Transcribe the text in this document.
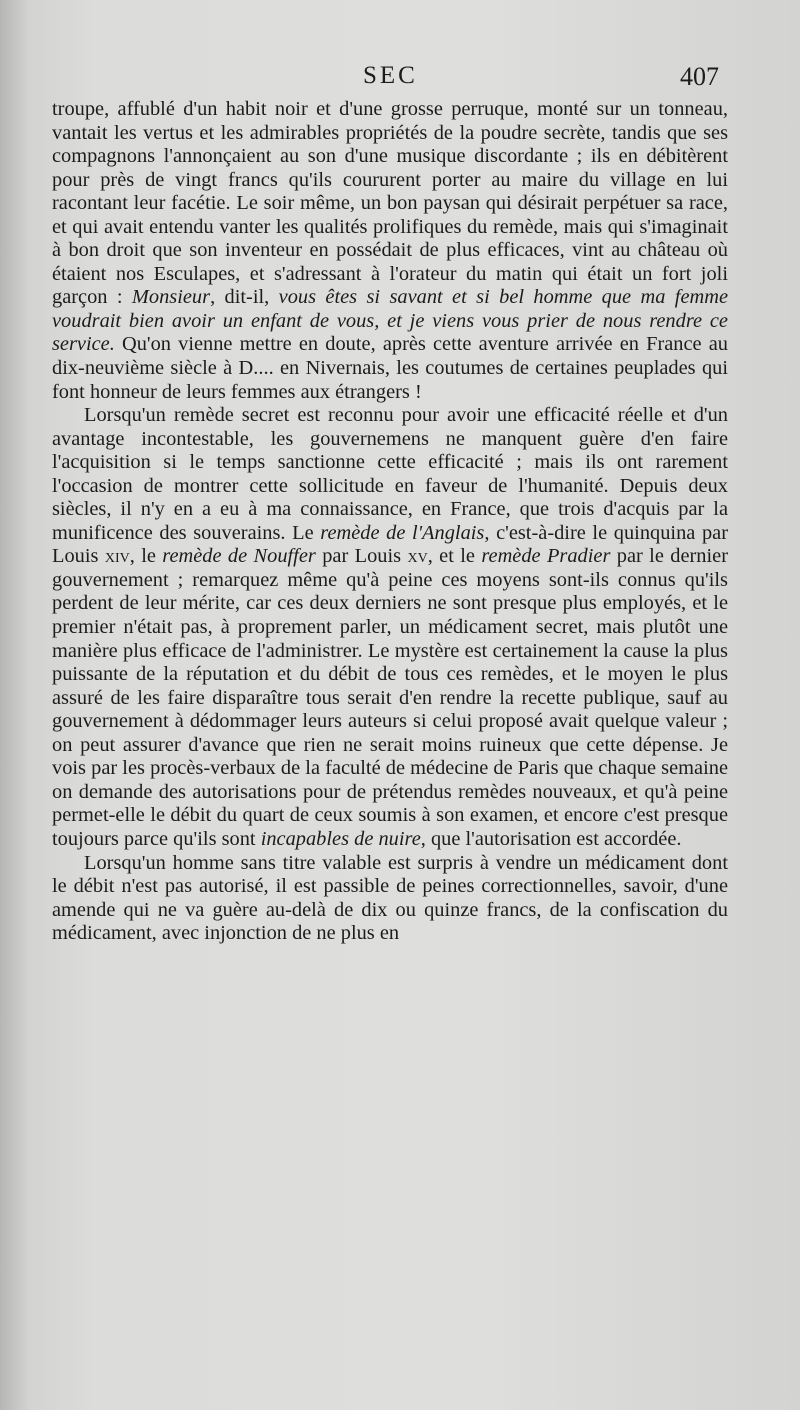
SEC	407

troupe, affublé d'un habit noir et d'une grosse perruque, monté sur un tonneau, vantait les vertus et les admirables propriétés de la poudre secrète, tandis que ses compagnons l'annonçaient au son d'une musique discordante ; ils en débitèrent pour près de vingt francs qu'ils coururent porter au maire du village en lui racontant leur facétie. Le soir même, un bon paysan qui désirait perpétuer sa race, et qui avait entendu vanter les qualités prolifiques du remède, mais qui s'imaginait à bon droit que son inventeur en possédait de plus efficaces, vint au château où étaient nos Esculapes, et s'adressant à l'orateur du matin qui était un fort joli garçon : Monsieur, dit-il, vous êtes si savant et si bel homme que ma femme voudrait bien avoir un enfant de vous, et je viens vous prier de nous rendre ce service. Qu'on vienne mettre en doute, après cette aventure arrivée en France au dix-neuvième siècle à D.... en Nivernais, les coutumes de certaines peuplades qui font honneur de leurs femmes aux étrangers !

Lorsqu'un remède secret est reconnu pour avoir une efficacité réelle et d'un avantage incontestable, les gouvernemens ne manquent guère d'en faire l'acquisition si le temps sanctionne cette efficacité ; mais ils ont rarement l'occasion de montrer cette sollicitude en faveur de l'humanité. Depuis deux siècles, il n'y en a eu à ma connaissance, en France, que trois d'acquis par la munificence des souverains. Le remède de l'Anglais, c'est-à-dire le quinquina par Louis xiv, le remède de Nouffer par Louis xv, et le remède Pradier par le dernier gouvernement ; remarquez même qu'à peine ces moyens sont-ils connus qu'ils perdent de leur mérite, car ces deux derniers ne sont presque plus employés, et le premier n'était pas, à proprement parler, un médicament secret, mais plutôt une manière plus efficace de l'administrer. Le mystère est certainement la cause la plus puissante de la réputation et du débit de tous ces remèdes, et le moyen le plus assuré de les faire disparaître tous serait d'en rendre la recette publique, sauf au gouvernement à dédommager leurs auteurs si celui proposé avait quelque valeur ; on peut assurer d'avance que rien ne serait moins ruineux que cette dépense. Je vois par les procès-verbaux de la faculté de médecine de Paris que chaque semaine on demande des autorisations pour de prétendus remèdes nouveaux, et qu'à peine permet-elle le débit du quart de ceux soumis à son examen, et encore c'est presque toujours parce qu'ils sont incapables de nuire, que l'autorisation est accordée.

Lorsqu'un homme sans titre valable est surpris à vendre un médicament dont le débit n'est pas autorisé, il est passible de peines correctionnelles, savoir, d'une amende qui ne va guère au-delà de dix ou quinze francs, de la confiscation du médicament, avec injonction de ne plus en
